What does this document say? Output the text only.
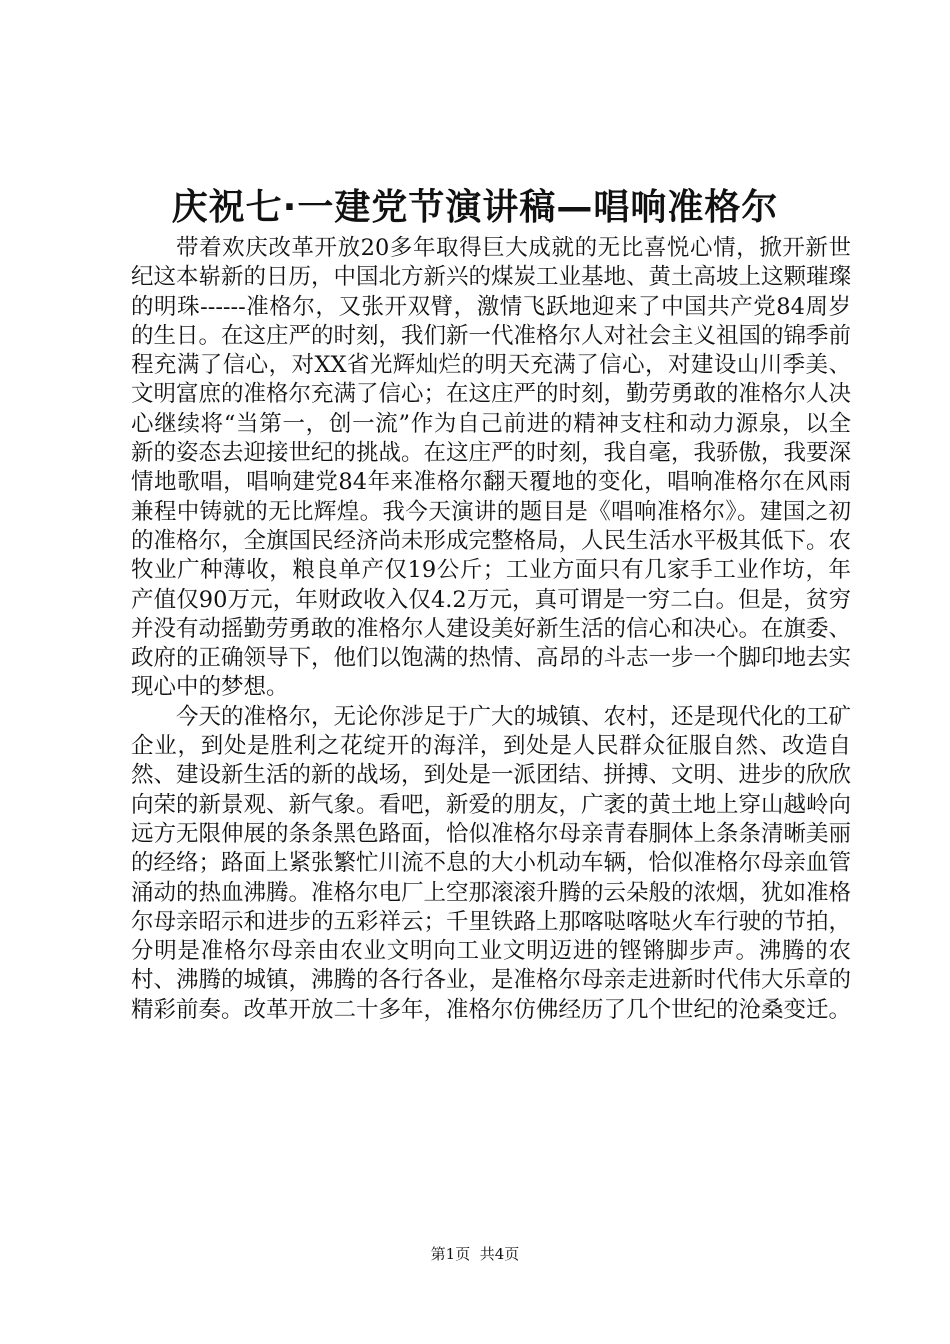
庆祝七·一建党节演讲稿—唱响准格尔

带着欢庆改革开放20多年取得巨大成就的无比喜悦心情，掀开新世纪这本崭新的日历，中国北方新兴的煤炭工业基地、黄土高坡上这颗璀璨的明珠------准格尔，又张开双臂，激情飞跃地迎来了中国共产党84周岁的生日。在这庄严的时刻，我们新一代准格尔人对社会主义祖国的锦季前程充满了信心，对XX省光辉灿烂的明天充满了信心，对建设山川季美、文明富庶的准格尔充满了信心；在这庄严的时刻，勤劳勇敢的准格尔人决心继续将“当第一，创一流”作为自己前进的精神支柱和动力源泉，以全新的姿态去迎接世纪的挑战。在这庄严的时刻，我自毫，我骄傲，我要深情地歌唱，唱响建党84年来准格尔翻天覆地的变化，唱响准格尔在风雨兼程中铸就的无比辉煌。我今天演讲的题目是《唱响准格尔》。建国之初的准格尔，全旗国民经济尚未形成完整格局，人民生活水平极其低下。农牧业广种薄收，粮良单产仅19公斤；工业方面只有几家手工业作坊，年产值仅90万元，年财政收入仅4.2万元，真可谓是一穷二白。但是，贫穷并没有动摇勤劳勇敢的准格尔人建设美好新生活的信心和决心。在旗委、政府的正确领导下，他们以饱满的热情、高昂的斗志一步一个脚印地去实现心中的梦想。

今天的准格尔，无论你涉足于广大的城镇、农村，还是现代化的工矿企业，到处是胜利之花绽开的海洋，到处是人民群众征服自然、改造自然、建设新生活的新的战场，到处是一派团结、拼搏、文明、进步的欣欣向荣的新景观、新气象。看吧，新爱的朋友，广袤的黄土地上穿山越岭向远方无限伸展的条条黑色路面，恰似准格尔母亲青春胴体上条条清晰美丽的经络；路面上紧张繁忙川流不息的大小机动车辆，恰似准格尔母亲血管涌动的热血沸腾。准格尔电厂上空那滚滚升腾的云朵般的浓烟，犹如准格尔母亲昭示和进步的五彩祥云；千里铁路上那喀哒喀哒火车行驶的节拍，分明是准格尔母亲由农业文明向工业文明迈进的铿锵脚步声。沸腾的农村、沸腾的城镇，沸腾的各行各业，是准格尔母亲走进新时代伟大乐章的精彩前奏。改革开放二十多年，准格尔仿佛经历了几个世纪的沧桑变迁。

第1页 共4页
